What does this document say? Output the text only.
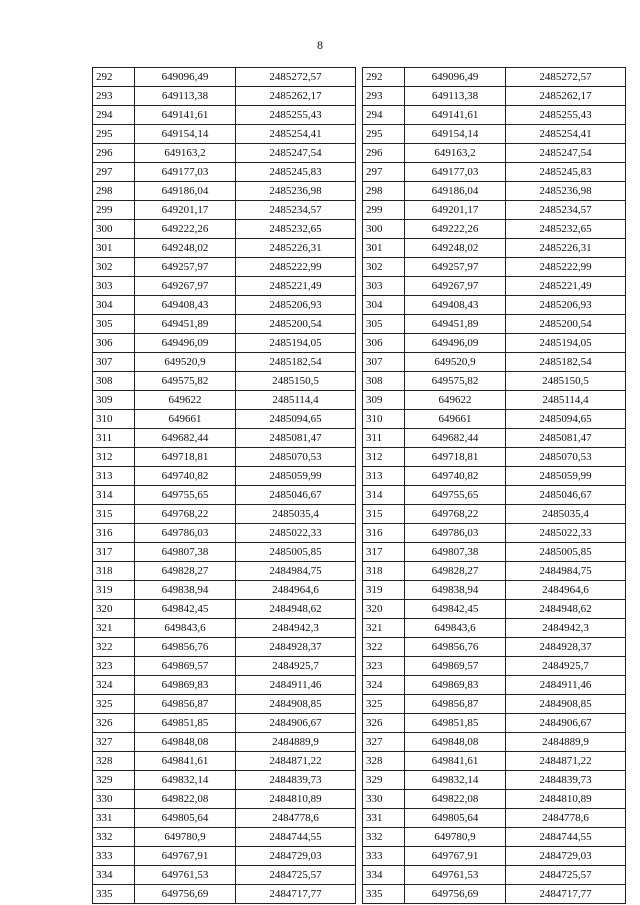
8
292	649096,49	2485272,57
293	649113,38	2485262,17
294	649141,61	2485255,43
295	649154,14	2485254,41
296	649163,2	2485247,54
297	649177,03	2485245,83
298	649186,04	2485236,98
299	649201,17	2485234,57
300	649222,26	2485232,65
301	649248,02	2485226,31
302	649257,97	2485222,99
303	649267,97	2485221,49
304	649408,43	2485206,93
305	649451,89	2485200,54
306	649496,09	2485194,05
307	649520,9	2485182,54
308	649575,82	2485150,5
309	649622	2485114,4
310	649661	2485094,65
311	649682,44	2485081,47
312	649718,81	2485070,53
313	649740,82	2485059,99
314	649755,65	2485046,67
315	649768,22	2485035,4
316	649786,03	2485022,33
317	649807,38	2485005,85
318	649828,27	2484984,75
319	649838,94	2484964,6
320	649842,45	2484948,62
321	649843,6	2484942,3
322	649856,76	2484928,37
323	649869,57	2484925,7
324	649869,83	2484911,46
325	649856,87	2484908,85
326	649851,85	2484906,67
327	649848,08	2484889,9
328	649841,61	2484871,22
329	649832,14	2484839,73
330	649822,08	2484810,89
331	649805,64	2484778,6
332	649780,9	2484744,55
333	649767,91	2484729,03
334	649761,53	2484725,57
335	649756,69	2484717,77
292	649096,49	2485272,57
293	649113,38	2485262,17
294	649141,61	2485255,43
295	649154,14	2485254,41
296	649163,2	2485247,54
297	649177,03	2485245,83
298	649186,04	2485236,98
299	649201,17	2485234,57
300	649222,26	2485232,65
301	649248,02	2485226,31
302	649257,97	2485222,99
303	649267,97	2485221,49
304	649408,43	2485206,93
305	649451,89	2485200,54
306	649496,09	2485194,05
307	649520,9	2485182,54
308	649575,82	2485150,5
309	649622	2485114,4
310	649661	2485094,65
311	649682,44	2485081,47
312	649718,81	2485070,53
313	649740,82	2485059,99
314	649755,65	2485046,67
315	649768,22	2485035,4
316	649786,03	2485022,33
317	649807,38	2485005,85
318	649828,27	2484984,75
319	649838,94	2484964,6
320	649842,45	2484948,62
321	649843,6	2484942,3
322	649856,76	2484928,37
323	649869,57	2484925,7
324	649869,83	2484911,46
325	649856,87	2484908,85
326	649851,85	2484906,67
327	649848,08	2484889,9
328	649841,61	2484871,22
329	649832,14	2484839,73
330	649822,08	2484810,89
331	649805,64	2484778,6
332	649780,9	2484744,55
333	649767,91	2484729,03
334	649761,53	2484725,57
335	649756,69	2484717,77
